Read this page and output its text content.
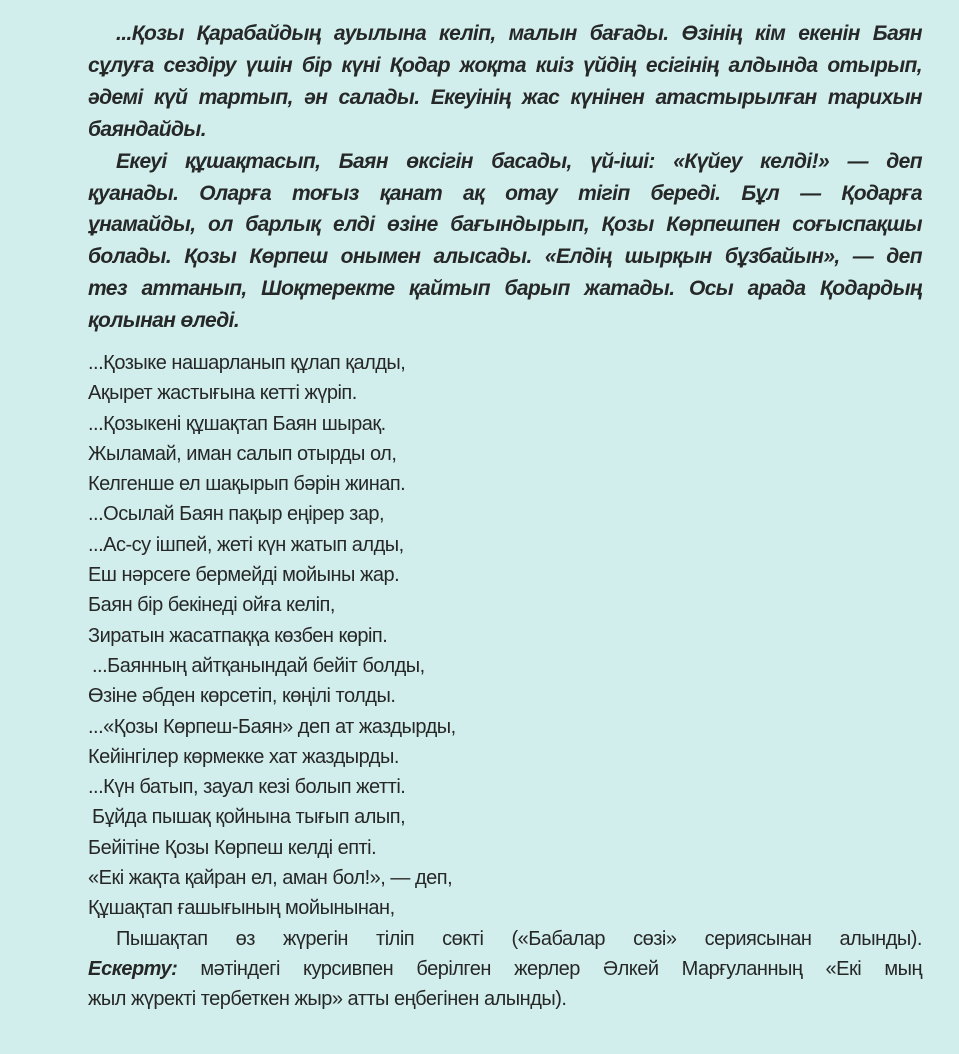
...Қозы Қарабайдың ауылына келіп, малын бағады. Өзінің кім екенін Баян
сұлуға сездіру үшін бір күні Қодар жоқта киіз үйдің есігінің алдында отырып,
әдемі күй тартып, ән салады. Екеуінің жас күнінен атастырылған тарихын
баяндайды.
Екеуі құшақтасып, Баян өксігін басады, үй-іші: «Күйеу келді!» — деп
қуанады. Оларға тоғыз қанат ақ отау тігіп береді. Бұл — Қодарға
ұнамайды, ол барлық елді өзіне бағындырып, Қозы Көрпешпен соғыспақшы
болады. Қозы Көрпеш онымен алысады. «Елдің шырқын бұзбайын», — деп
тез аттанып, Шоқтеректе қайтып барып жатады. Осы арада Қодардың
қолынан өледі.
...Қозыке нашарланып құлап қалды,
Ақырет жастығына кетті жүріп.
...Қозыкені құшақтап Баян шырақ.
Жыламай, иман салып отырды ол,
Келгенше ел шақырып бәрін жинап.
...Осылай Баян пақыр еңірер зар,
...Ас-су ішпей, жеті күн жатып алды,
Еш нәрсеге бермейді мойыны жар.
Баян бір бекінеді ойға келіп,
Зиратын жасатпаққа көзбен көріп.
...Баянның айтқанындай бейіт болды,
Өзіне әбден көрсетіп, көңілі толды.
...«Қозы Көрпеш-Баян» деп ат жаздырды,
Кейінгілер көрмекке хат жаздырды.
...Күн батып, зауал кезі болып жетті.
Бұйда пышақ қойнына тығып алып,
Бейітіне Қозы Көрпеш келді епті.
«Екі жақта қайран ел, аман бол!», — деп,
Құшақтап ғашығының мойынынан,
Пышақтап өз жүрегін тіліп сөкті («Бабалар сөзі» сериясынан алынды).
Ескерту: мәтіндегі курсивпен берілген жерлер Әлкей Марғуланның «Екі мың
жыл жүректі тербеткен жыр» атты еңбегінен алынды).
